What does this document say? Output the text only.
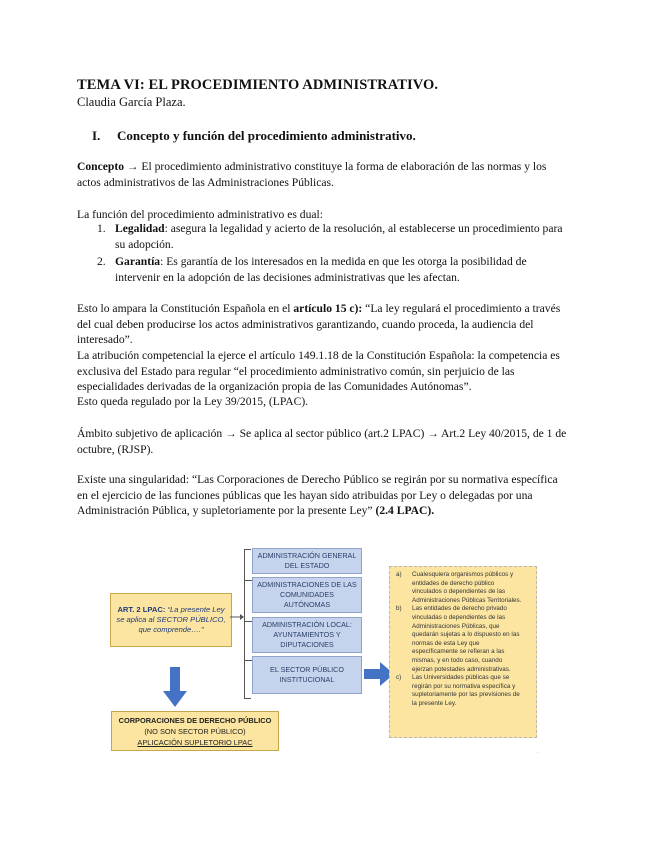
TEMA VI: EL PROCEDIMIENTO ADMINISTRATIVO.
Claudia García Plaza.
I. Concepto y función del procedimiento administrativo.
Concepto → El procedimiento administrativo constituye la forma de elaboración de las normas y los
actos administrativos de las Administraciones Públicas.
La función del procedimiento administrativo es dual:
1. Legalidad: asegura la legalidad y acierto de la resolución, al establecerse un procedimiento para
su adopción.
2. Garantía: Es garantía de los interesados en la medida en que les otorga la posibilidad de
intervenir en la adopción de las decisiones administrativas que les afectan.
Esto lo ampara la Constitución Española en el artículo 15 c): “La ley regulará el procedimiento a través
del cual deben producirse los actos administrativos garantizando, cuando proceda, la audiencia del
interesado”.
La atribución competencial la ejerce el artículo 149.1.18 de la Constitución Española: la competencia es
exclusiva del Estado para regular “el procedimiento administrativo común, sin perjuicio de las
especialidades derivadas de la organización propia de las Comunidades Autónomas”.
Esto queda regulado por la Ley 39/2015, (LPAC).
Ámbito subjetivo de aplicación → Se aplica al sector público (art.2 LPAC) → Art.2 Ley 40/2015, de 1 de
octubre, (RJSP).
Existe una singularidad: “Las Corporaciones de Derecho Público se regirán por su normativa específica
en el ejercicio de las funciones públicas que les hayan sido atribuidas por Ley o delegadas por una
Administración Pública, y supletoriamente por la presente Ley” (2.4 LPAC).
ART. 2 LPAC: “La presente Ley
se aplica al SECTOR PÚBLICO,
que comprende….”
ADMINISTRACIÓN GENERAL
DEL ESTADO
ADMINISTRACIONES DE LAS
COMUNIDADES
AUTÓNOMAS
ADMINISTRACIÓN LOCAL:
AYUNTAMIENTOS Y
DIPUTACIONES
EL SECTOR PÚBLICO
INSTITUCIONAL
CORPORACIONES DE DERECHO PÚBLICO
(NO SON SECTOR PÚBLICO)
APLICACIÓN SUPLETORIO LPAC
a)	Cualesquiera organismos públicos y
entidades de derecho público
vinculados o dependientes de las
Administraciones Públicas Territoriales.
b)	Las entidades de derecho privado
vinculadas o dependientes de las
Administraciones Públicas, que
quedarán sujetas a lo dispuesto en las
normas de esta Ley que
específicamente se refieran a las
mismas, y en todo caso, cuando
ejerzan potestades administrativas.
c)	Las Universidades públicas que se
regirán por su normativa específica y
supletoriamente por las previsiones de
la presente Ley.
·
